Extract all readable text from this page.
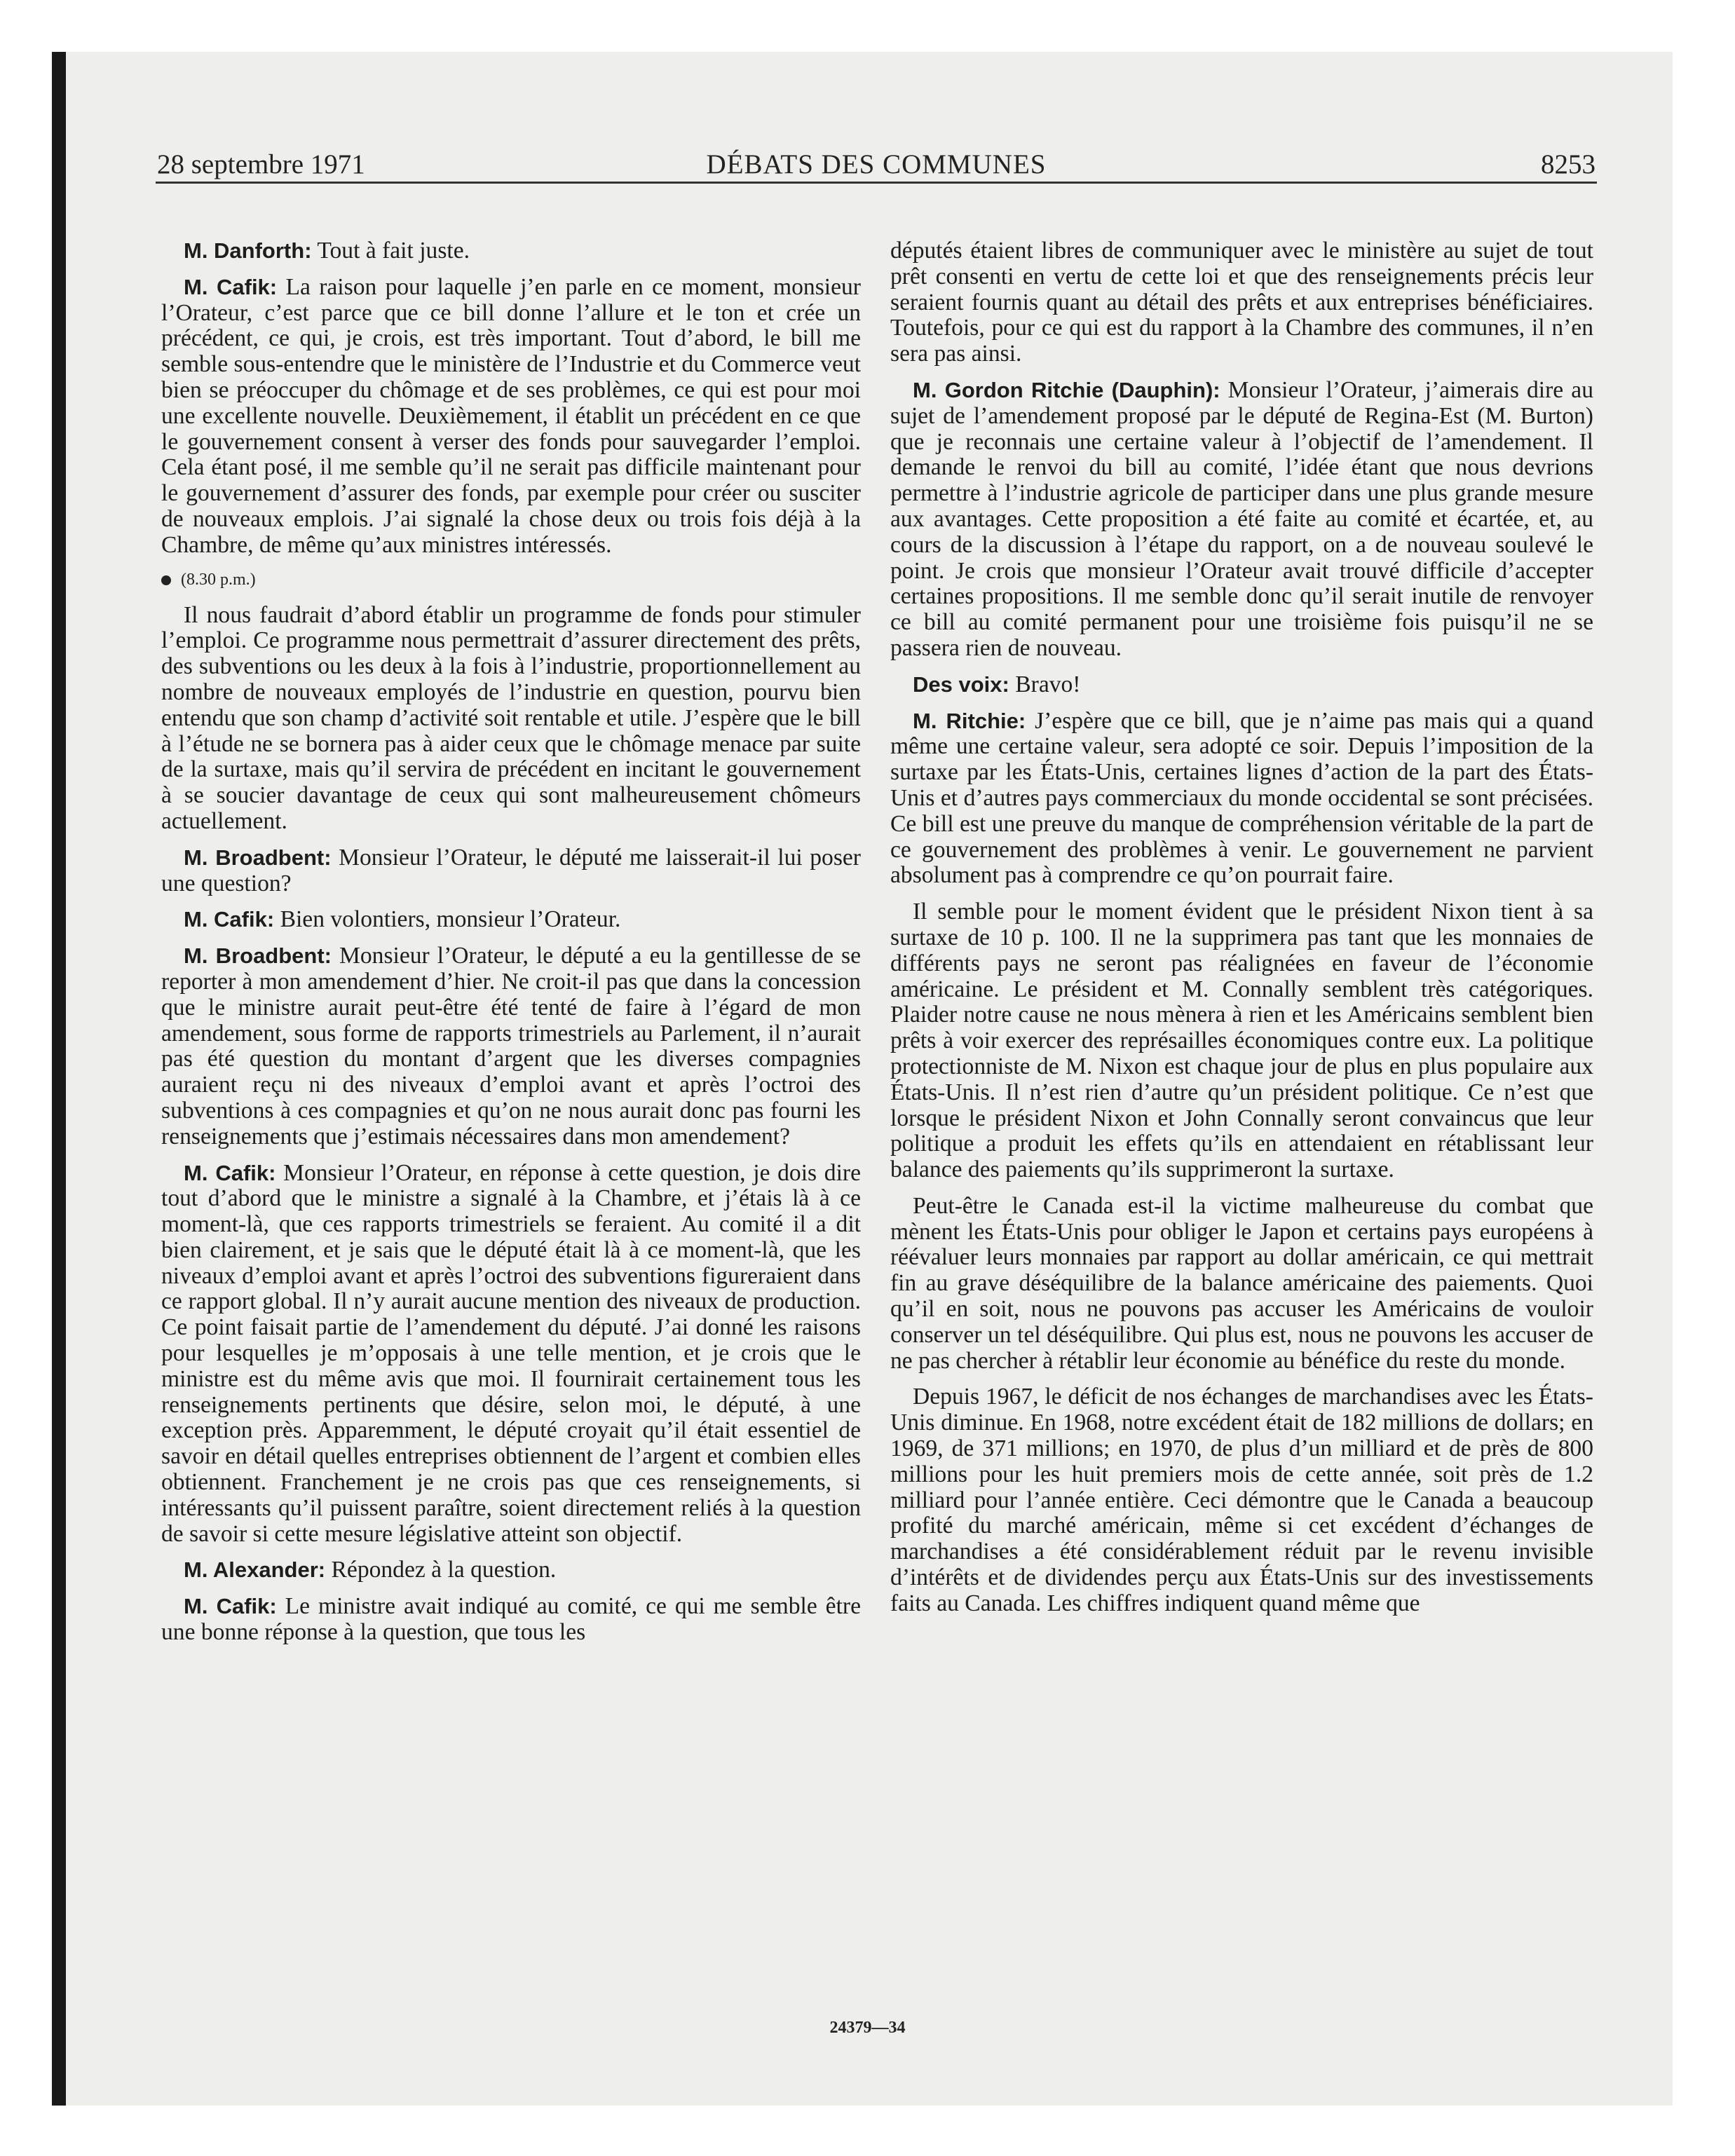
28 septembre 1971	DÉBATS DES COMMUNES	8253

M. Danforth: Tout à fait juste.

M. Cafik: La raison pour laquelle j’en parle en ce moment, monsieur l’Orateur, c’est parce que ce bill donne l’allure et le ton et crée un précédent, ce qui, je crois, est très important. Tout d’abord, le bill me semble sous-entendre que le ministère de l’Industrie et du Commerce veut bien se préoccuper du chômage et de ses problèmes, ce qui est pour moi une excellente nouvelle. Deuxièmement, il établit un précédent en ce que le gouvernement consent à verser des fonds pour sauvegarder l’emploi. Cela étant posé, il me semble qu’il ne serait pas difficile maintenant pour le gouvernement d’assurer des fonds, par exemple pour créer ou susciter de nouveaux emplois. J’ai signalé la chose deux ou trois fois déjà à la Chambre, de même qu’aux ministres intéressés.

(8.30 p.m.)

Il nous faudrait d’abord établir un programme de fonds pour stimuler l’emploi. Ce programme nous permettrait d’assurer directement des prêts, des subventions ou les deux à la fois à l’industrie, proportionnellement au nombre de nouveaux employés de l’industrie en question, pourvu bien entendu que son champ d’activité soit rentable et utile. J’espère que le bill à l’étude ne se bornera pas à aider ceux que le chômage menace par suite de la surtaxe, mais qu’il servira de précédent en incitant le gouvernement à se soucier davantage de ceux qui sont malheureusement chômeurs actuellement.

M. Broadbent: Monsieur l’Orateur, le député me laisserait-il lui poser une question?

M. Cafik: Bien volontiers, monsieur l’Orateur.

M. Broadbent: Monsieur l’Orateur, le député a eu la gentillesse de se reporter à mon amendement d’hier. Ne croit-il pas que dans la concession que le ministre aurait peut-être été tenté de faire à l’égard de mon amendement, sous forme de rapports trimestriels au Parlement, il n’aurait pas été question du montant d’argent que les diverses compagnies auraient reçu ni des niveaux d’emploi avant et après l’octroi des subventions à ces compagnies et qu’on ne nous aurait donc pas fourni les renseignements que j’estimais nécessaires dans mon amendement?

M. Cafik: Monsieur l’Orateur, en réponse à cette question, je dois dire tout d’abord que le ministre a signalé à la Chambre, et j’étais là à ce moment-là, que ces rapports trimestriels se feraient. Au comité il a dit bien clairement, et je sais que le député était là à ce moment-là, que les niveaux d’emploi avant et après l’octroi des subventions figureraient dans ce rapport global. Il n’y aurait aucune mention des niveaux de production. Ce point faisait partie de l’amendement du député. J’ai donné les raisons pour lesquelles je m’opposais à une telle mention, et je crois que le ministre est du même avis que moi. Il fournirait certainement tous les renseignements pertinents que désire, selon moi, le député, à une exception près. Apparemment, le député croyait qu’il était essentiel de savoir en détail quelles entreprises obtiennent de l’argent et combien elles obtiennent. Franchement je ne crois pas que ces renseignements, si intéressants qu’il puissent paraître, soient directement reliés à la question de savoir si cette mesure législative atteint son objectif.

M. Alexander: Répondez à la question.

M. Cafik: Le ministre avait indiqué au comité, ce qui me semble être une bonne réponse à la question, que tous les

députés étaient libres de communiquer avec le ministère au sujet de tout prêt consenti en vertu de cette loi et que des renseignements précis leur seraient fournis quant au détail des prêts et aux entreprises bénéficiaires. Toutefois, pour ce qui est du rapport à la Chambre des communes, il n’en sera pas ainsi.

M. Gordon Ritchie (Dauphin): Monsieur l’Orateur, j’aimerais dire au sujet de l’amendement proposé par le député de Regina-Est (M. Burton) que je reconnais une certaine valeur à l’objectif de l’amendement. Il demande le renvoi du bill au comité, l’idée étant que nous devrions permettre à l’industrie agricole de participer dans une plus grande mesure aux avantages. Cette proposition a été faite au comité et écartée, et, au cours de la discussion à l’étape du rapport, on a de nouveau soulevé le point. Je crois que monsieur l’Orateur avait trouvé difficile d’accepter certaines propositions. Il me semble donc qu’il serait inutile de renvoyer ce bill au comité permanent pour une troisième fois puisqu’il ne se passera rien de nouveau.

Des voix: Bravo!

M. Ritchie: J’espère que ce bill, que je n’aime pas mais qui a quand même une certaine valeur, sera adopté ce soir. Depuis l’imposition de la surtaxe par les États-Unis, certaines lignes d’action de la part des États-Unis et d’autres pays commerciaux du monde occidental se sont précisées. Ce bill est une preuve du manque de compréhension véritable de la part de ce gouvernement des problèmes à venir. Le gouvernement ne parvient absolument pas à comprendre ce qu’on pourrait faire.

Il semble pour le moment évident que le président Nixon tient à sa surtaxe de 10 p. 100. Il ne la supprimera pas tant que les monnaies de différents pays ne seront pas réalignées en faveur de l’économie américaine. Le président et M. Connally semblent très catégoriques. Plaider notre cause ne nous mènera à rien et les Américains semblent bien prêts à voir exercer des représailles économiques contre eux. La politique protectionniste de M. Nixon est chaque jour de plus en plus populaire aux États-Unis. Il n’est rien d’autre qu’un président politique. Ce n’est que lorsque le président Nixon et John Connally seront convaincus que leur politique a produit les effets qu’ils en attendaient en rétablissant leur balance des paiements qu’ils supprimeront la surtaxe.

Peut-être le Canada est-il la victime malheureuse du combat que mènent les États-Unis pour obliger le Japon et certains pays européens à réévaluer leurs monnaies par rapport au dollar américain, ce qui mettrait fin au grave déséquilibre de la balance américaine des paiements. Quoi qu’il en soit, nous ne pouvons pas accuser les Américains de vouloir conserver un tel déséquilibre. Qui plus est, nous ne pouvons les accuser de ne pas chercher à rétablir leur économie au bénéfice du reste du monde.

Depuis 1967, le déficit de nos échanges de marchandises avec les États-Unis diminue. En 1968, notre excédent était de 182 millions de dollars; en 1969, de 371 millions; en 1970, de plus d’un milliard et de près de 800 millions pour les huit premiers mois de cette année, soit près de 1.2 milliard pour l’année entière. Ceci démontre que le Canada a beaucoup profité du marché américain, même si cet excédent d’échanges de marchandises a été considérablement réduit par le revenu invisible d’intérêts et de dividendes perçu aux États-Unis sur des investissements faits au Canada. Les chiffres indiquent quand même que

24379—34
